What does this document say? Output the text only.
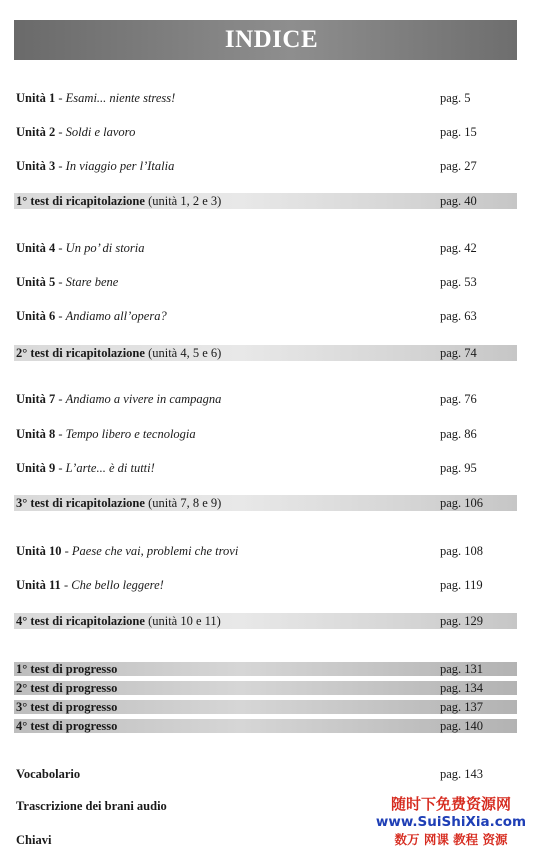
INDICE
Unità 1 - Esami... niente stress!	pag. 5
Unità 2 - Soldi e lavoro	pag. 15
Unità 3 - In viaggio per l’Italia	pag. 27
1° test di ricapitolazione (unità 1, 2 e 3)	pag. 40
Unità 4 - Un po’ di storia	pag. 42
Unità 5 - Stare bene	pag. 53
Unità 6 - Andiamo all’opera?	pag. 63
2° test di ricapitolazione (unità 4, 5 e 6)	pag. 74
Unità 7 - Andiamo a vivere in campagna	pag. 76
Unità 8 - Tempo libero e tecnologia	pag. 86
Unità 9 - L’arte... è di tutti!	pag. 95
3° test di ricapitolazione (unità 7, 8 e 9)	pag. 106
Unità 10 - Paese che vai, problemi che trovi	pag. 108
Unità 11 - Che bello leggere!	pag. 119
4° test di ricapitolazione (unità 10 e 11)	pag. 129
1° test di progresso	pag. 131
2° test di progresso	pag. 134
3° test di progresso	pag. 137
4° test di progresso	pag. 140
Vocabolario	pag. 143
Trascrizione dei brani audio
Chiavi
随时下免费资源网
www.SuiShiXia.com
数万 网课 教程 资源
